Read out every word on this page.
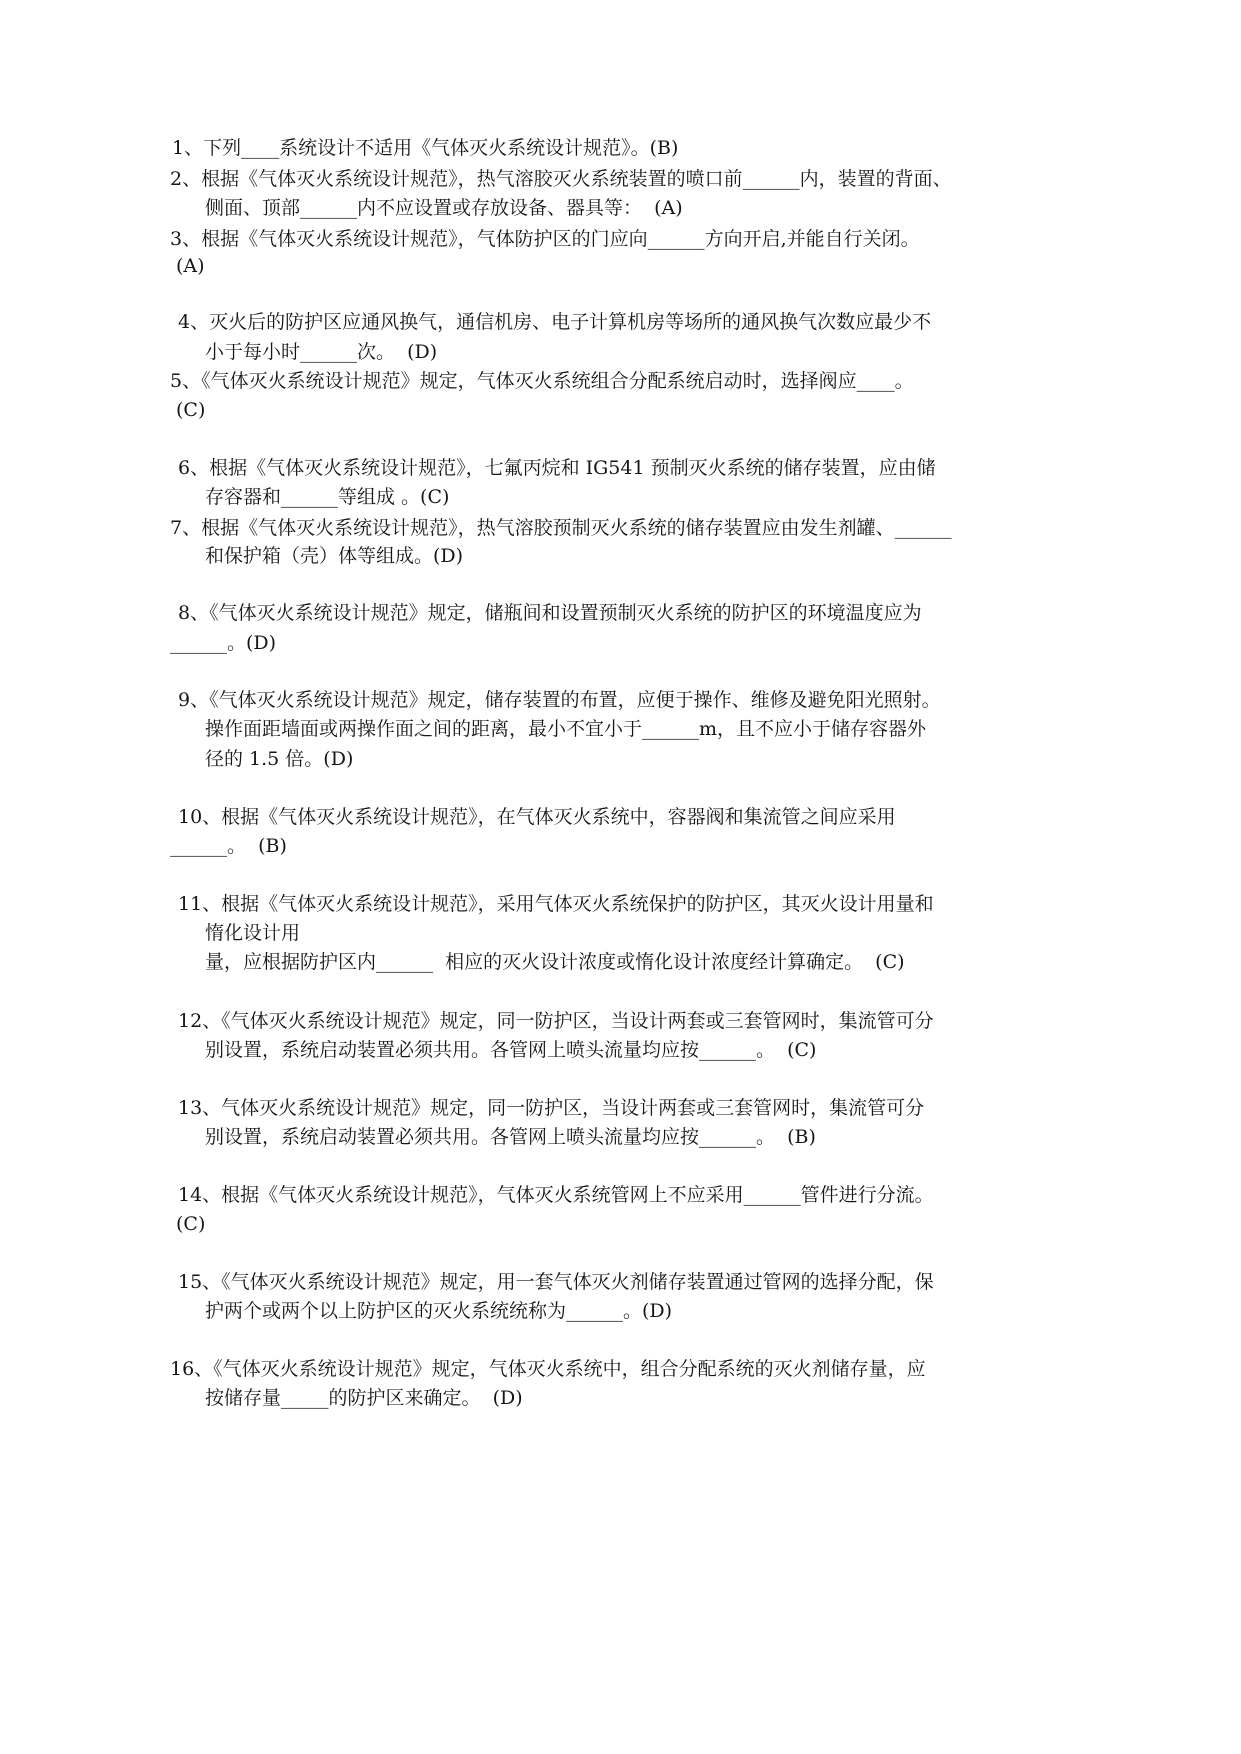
1、下列____系统设计不适用《气体灭火系统设计规范》。(B)
2、根据《气体灭火系统设计规范》，热气溶胶灭火系统装置的喷口前______内，装置的背面、
侧面、顶部______内不应设置或存放设备、器具等：  (A)
3、根据《气体灭火系统设计规范》，气体防护区的门应向______方向开启,并能自行关闭。
(A)
4、灭火后的防护区应通风换气，通信机房、电子计算机房等场所的通风换气次数应最少不
小于每小时______次。  (D)
5、《气体灭火系统设计规范》规定，气体灭火系统组合分配系统启动时，选择阀应____。
(C)
6、根据《气体灭火系统设计规范》，七氟丙烷和 IG541 预制灭火系统的储存装置，应由储
存容器和______等组成 。(C)
7、根据《气体灭火系统设计规范》，热气溶胶预制灭火系统的储存装置应由发生剂罐、______
和保护箱（壳）体等组成。(D)
8、《气体灭火系统设计规范》规定，储瓶间和设置预制灭火系统的防护区的环境温度应为
______。(D)
9、《气体灭火系统设计规范》规定，储存装置的布置，应便于操作、维修及避免阳光照射。
操作面距墙面或两操作面之间的距离，最小不宜小于______m，且不应小于储存容器外
径的 1.5 倍。(D)
10、根据《气体灭火系统设计规范》，在气体灭火系统中，容器阀和集流管之间应采用
______。  (B)
11、根据《气体灭火系统设计规范》，采用气体灭火系统保护的防护区，其灭火设计用量和
惰化设计用
量，应根据防护区内______  相应的灭火设计浓度或惰化设计浓度经计算确定。  (C)
12、《气体灭火系统设计规范》规定，同一防护区，当设计两套或三套管网时，集流管可分
别设置，系统启动装置必须共用。各管网上喷头流量均应按______。  (C)
13、气体灭火系统设计规范》规定，同一防护区，当设计两套或三套管网时，集流管可分
别设置，系统启动装置必须共用。各管网上喷头流量均应按______。  (B)
14、根据《气体灭火系统设计规范》，气体灭火系统管网上不应采用______管件进行分流。
(C)
15、《气体灭火系统设计规范》规定，用一套气体灭火剂储存装置通过管网的选择分配，保
护两个或两个以上防护区的灭火系统统称为______。(D)
16、《气体灭火系统设计规范》规定，气体灭火系统中，组合分配系统的灭火剂储存量，应
按储存量_____的防护区来确定。  (D)
